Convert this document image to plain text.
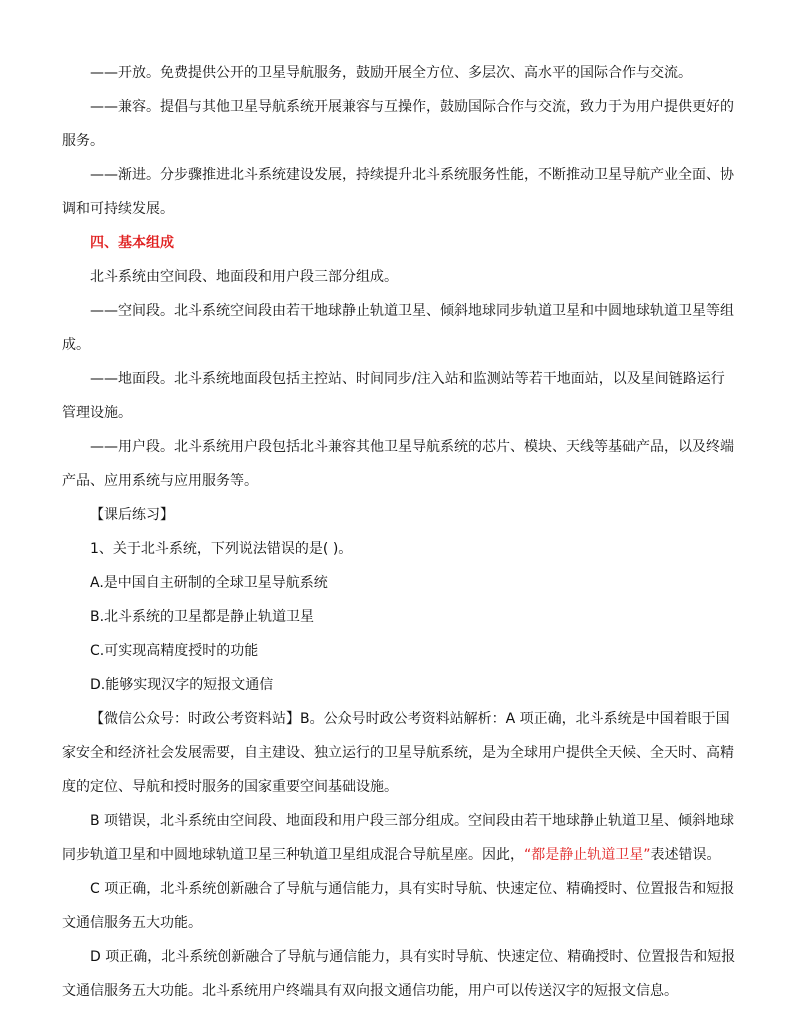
——开放。免费提供公开的卫星导航服务，鼓励开展全方位、多层次、高水平的国际合作与交流。

——兼容。提倡与其他卫星导航系统开展兼容与互操作，鼓励国际合作与交流，致力于为用户提供更好的服务。

——渐进。分步骤推进北斗系统建设发展，持续提升北斗系统服务性能，不断推动卫星导航产业全面、协调和可持续发展。

四、基本组成

北斗系统由空间段、地面段和用户段三部分组成。

——空间段。北斗系统空间段由若干地球静止轨道卫星、倾斜地球同步轨道卫星和中圆地球轨道卫星等组成。

——地面段。北斗系统地面段包括主控站、时间同步/注入站和监测站等若干地面站，以及星间链路运行管理设施。

——用户段。北斗系统用户段包括北斗兼容其他卫星导航系统的芯片、模块、天线等基础产品，以及终端产品、应用系统与应用服务等。

【课后练习】

1、关于北斗系统，下列说法错误的是( )。

A.是中国自主研制的全球卫星导航系统

B.北斗系统的卫星都是静止轨道卫星

C.可实现高精度授时的功能

D.能够实现汉字的短报文通信

【微信公众号：时政公考资料站】B。公众号时政公考资料站解析：A 项正确，北斗系统是中国着眼于国家安全和经济社会发展需要，自主建设、独立运行的卫星导航系统，是为全球用户提供全天候、全天时、高精度的定位、导航和授时服务的国家重要空间基础设施。

B 项错误，北斗系统由空间段、地面段和用户段三部分组成。空间段由若干地球静止轨道卫星、倾斜地球同步轨道卫星和中圆地球轨道卫星三种轨道卫星组成混合导航星座。因此，“都是静止轨道卫星”表述错误。

C 项正确，北斗系统创新融合了导航与通信能力，具有实时导航、快速定位、精确授时、位置报告和短报文通信服务五大功能。

D 项正确，北斗系统创新融合了导航与通信能力，具有实时导航、快速定位、精确授时、位置报告和短报文通信服务五大功能。北斗系统用户终端具有双向报文通信功能，用户可以传送汉字的短报文信息。
